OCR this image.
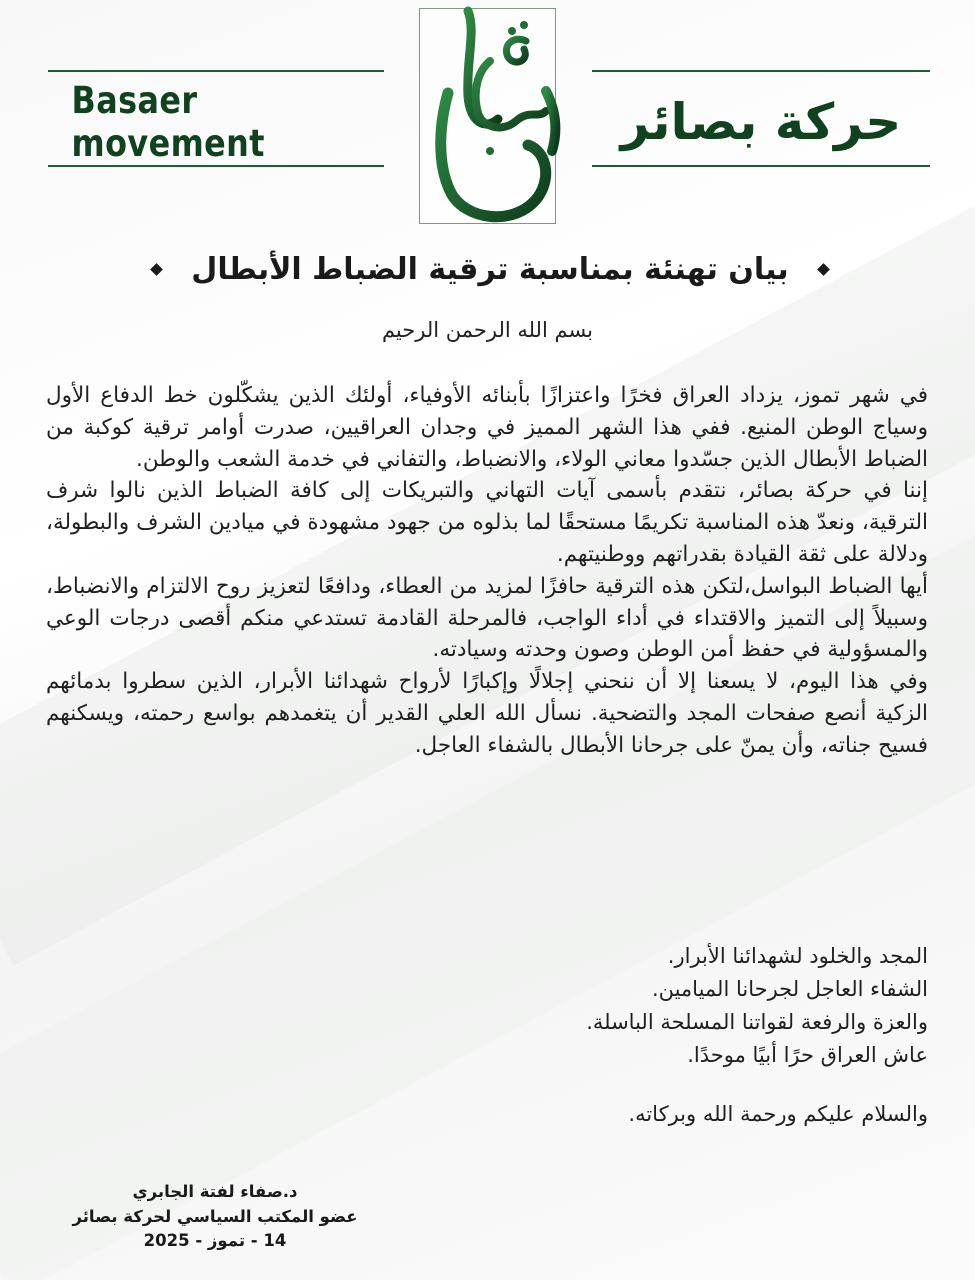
Basaer movement	حركة بصائر
بيان تهنئة بمناسبة ترقية الضباط الأبطال
بسم الله الرحمن الرحيم

في شهر تموز، يزداد العراق فخرًا واعتزازًا بأبنائه الأوفياء، أولئك الذين يشكّلون خط الدفاع الأول وسياج الوطن المنيع. ففي هذا الشهر المميز في وجدان العراقيين، صدرت أوامر ترقية كوكبة من الضباط الأبطال الذين جسّدوا معاني الولاء، والانضباط، والتفاني في خدمة الشعب والوطن.

إننا في حركة بصائر، نتقدم بأسمى آيات التهاني والتبريكات إلى كافة الضباط الذين نالوا شرف الترقية، ونعدّ هذه المناسبة تكريمًا مستحقًا لما بذلوه من جهود مشهودة في ميادين الشرف والبطولة، ودلالة على ثقة القيادة بقدراتهم ووطنيتهم.

أيها الضباط البواسل،لتكن هذه الترقية حافزًا لمزيد من العطاء، ودافعًا لتعزيز روح الالتزام والانضباط، وسبيلاً إلى التميز والاقتداء في أداء الواجب، فالمرحلة القادمة تستدعي منكم أقصى درجات الوعي والمسؤولية في حفظ أمن الوطن وصون وحدته وسيادته.

وفي هذا اليوم، لا يسعنا إلا أن ننحني إجلالًا وإكبارًا لأرواح شهدائنا الأبرار، الذين سطروا بدمائهم الزكية أنصع صفحات المجد والتضحية. نسأل الله العلي القدير أن يتغمدهم بواسع رحمته، ويسكنهم فسيح جناته، وأن يمنّ على جرحانا الأبطال بالشفاء العاجل.

المجد والخلود لشهدائنا الأبرار.
الشفاء العاجل لجرحانا الميامين.
والعزة والرفعة لقواتنا المسلحة الباسلة.
عاش العراق حرًا أبيًا موحدًا.
والسلام عليكم ورحمة الله وبركاته.
د.صفاء لفتة الجابري
عضو المكتب السياسي لحركة بصائر
14 - تموز - 2025
